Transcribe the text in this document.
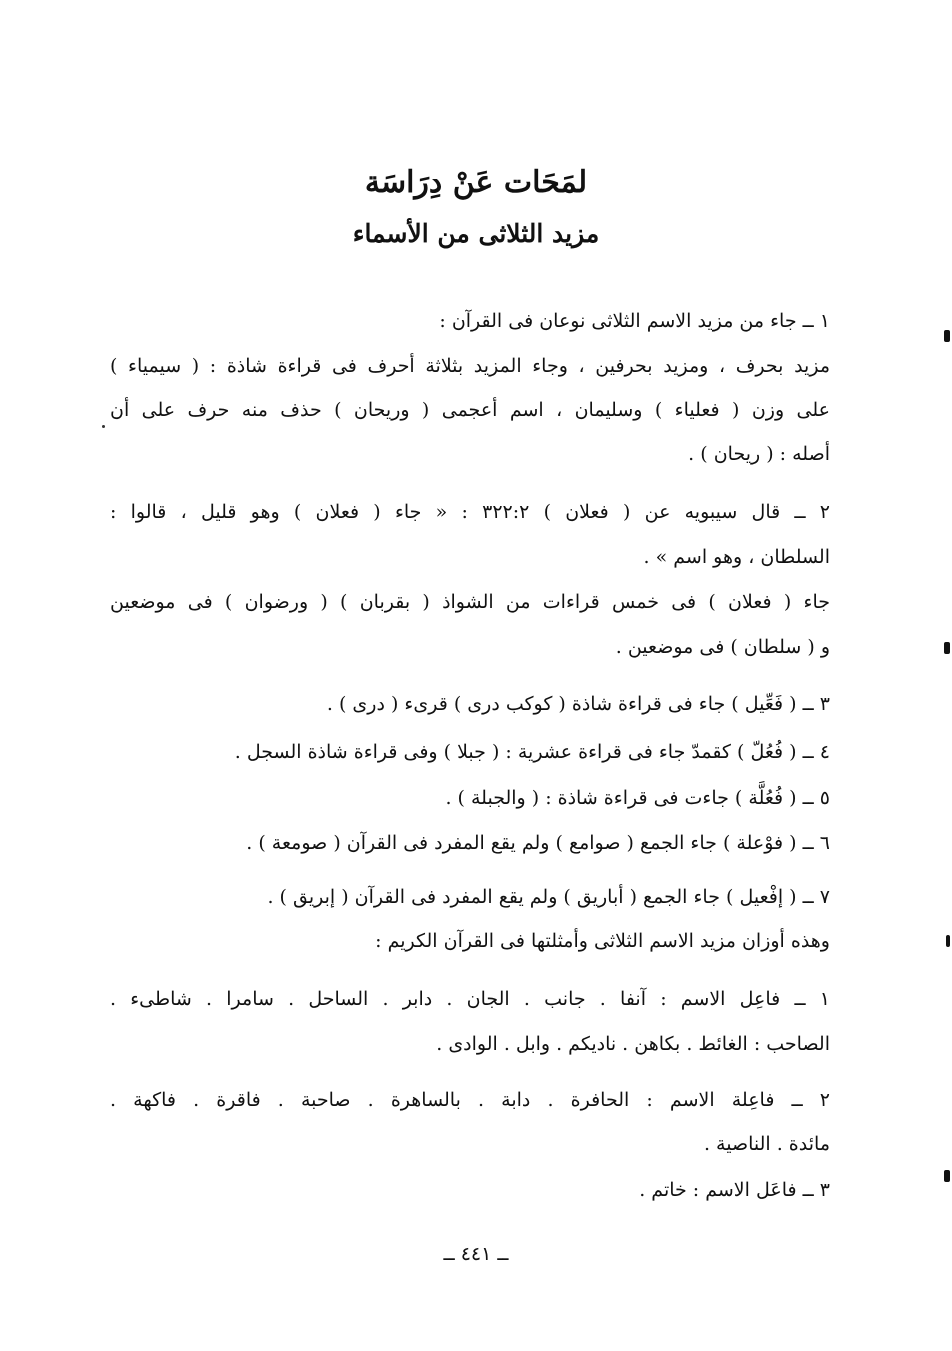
لمَحَات عَنْ دِرَاسَة
مزيد الثلاثى من الأسماء
١ ــ جاء من مزيد الاسم الثلاثى نوعان فى القرآن :
مزيد بحرف ، ومزيد بحرفين ، وجاء المزيد بثلاثة أحرف فى قراءة شاذة : ( سيمياء )
على وزن ( فعلياء ) وسليمان ، اسم أعجمى ( وريحان ) حذف منه حرف على أن
أصله : ( ريحان ) .
٢ ــ قال سيبويه عن ( فعلان ) ٣٢٢:٢ : « جاء ( فعلان ) وهو قليل ، قالوا :
السلطان ، وهو اسم » .
جاء ( فعلان ) فى خمس قراءات من الشواذ ( بقربان ) ( ورضوان ) فى موضعين
و ( سلطان ) فى موضعين .
٣ ــ ( فَعِّيل ) جاء فى قراءة شاذة ( كوكب درى ) قرىء ( درى ) .
٤ ــ ( فُعُلّ ) كقمدّ جاء فى قراءة عشرية : ( جبلا ) وفى قراءة شاذة السجل .
٥ ــ ( فُعُلَّة ) جاءت فى قراءة شاذة : ( والجبلة ) .
٦ ــ ( فوْعلة ) جاء الجمع ( صوامع ) ولم يقع المفرد فى القرآن ( صومعة ) .
٧ ــ ( إفْعيل ) جاء الجمع ( أباريق ) ولم يقع المفرد فى القرآن ( إبريق ) .
وهذه أوزان مزيد الاسم الثلاثى وأمثلتها فى القرآن الكريم :
١ ــ فاعِل الاسم : آنفا . جانب . الجان . دابر . الساحل . سامرا . شاطىء .
الصاحب : الغائط . بكاهن . ناديكم . وابل . الوادى .
٢ ــ فاعِلة الاسم : الحافرة . دابة . بالساهرة . صاحبة . فاقرة . فاكهة .
مائدة . الناصية .
٣ ــ فاعَل الاسم : خاتم .
ــ ٤٤١ ــ
